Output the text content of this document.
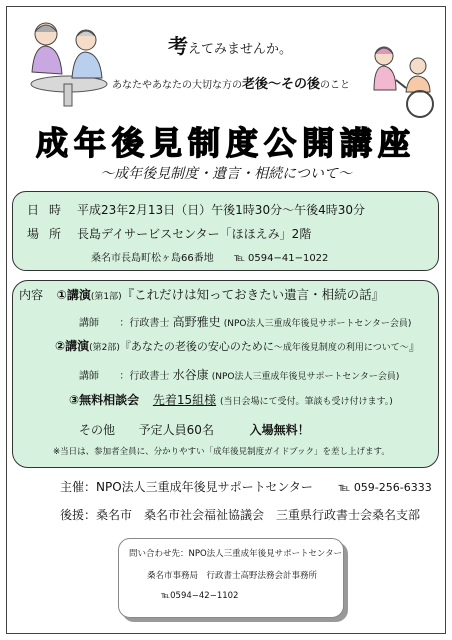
考えてみませんか。
あなたやあなたの大切な方の老後〜その後のこと
成年後見制度公開講座
〜成年後見制度・遺言・相続について〜
日時 平成23年2月13日（日）午後1時30分〜午後4時30分
場所 長島デイサービスセンター「ほほえみ」2階
桑名市長島町松ヶ島66番地 ℡ 0594−41−1022
内容 ①講演(第1部)『これだけは知っておきたい遺言・相続の話』
講師 ：行政書士 高野雅史 (NPO法人三重成年後見サポートセンター会員)
②講演(第2部)『あなたの老後の安心のために〜成年後見制度の利用について〜』
講師 ：行政書士 水谷康 (NPO法人三重成年後見サポートセンター会員)
③無料相談会 先着15組様 (当日会場にて受付。筆談も受け付けます。)
その他 予定人員60名	入場無料！
※当日は、参加者全員に、分かりやすい「成年後見制度ガイドブック」を差し上げます。
主催：NPO法人三重成年後見サポートセンター ℡ 059-256-6333
後援：桑名市　桑名市社会福祉協議会　三重県行政書士会桑名支部
問い合わせ先：NPO法人三重成年後見サポートセンター
桑名市事務局　行政書士高野法務会計事務所
℡0594−42−1102
